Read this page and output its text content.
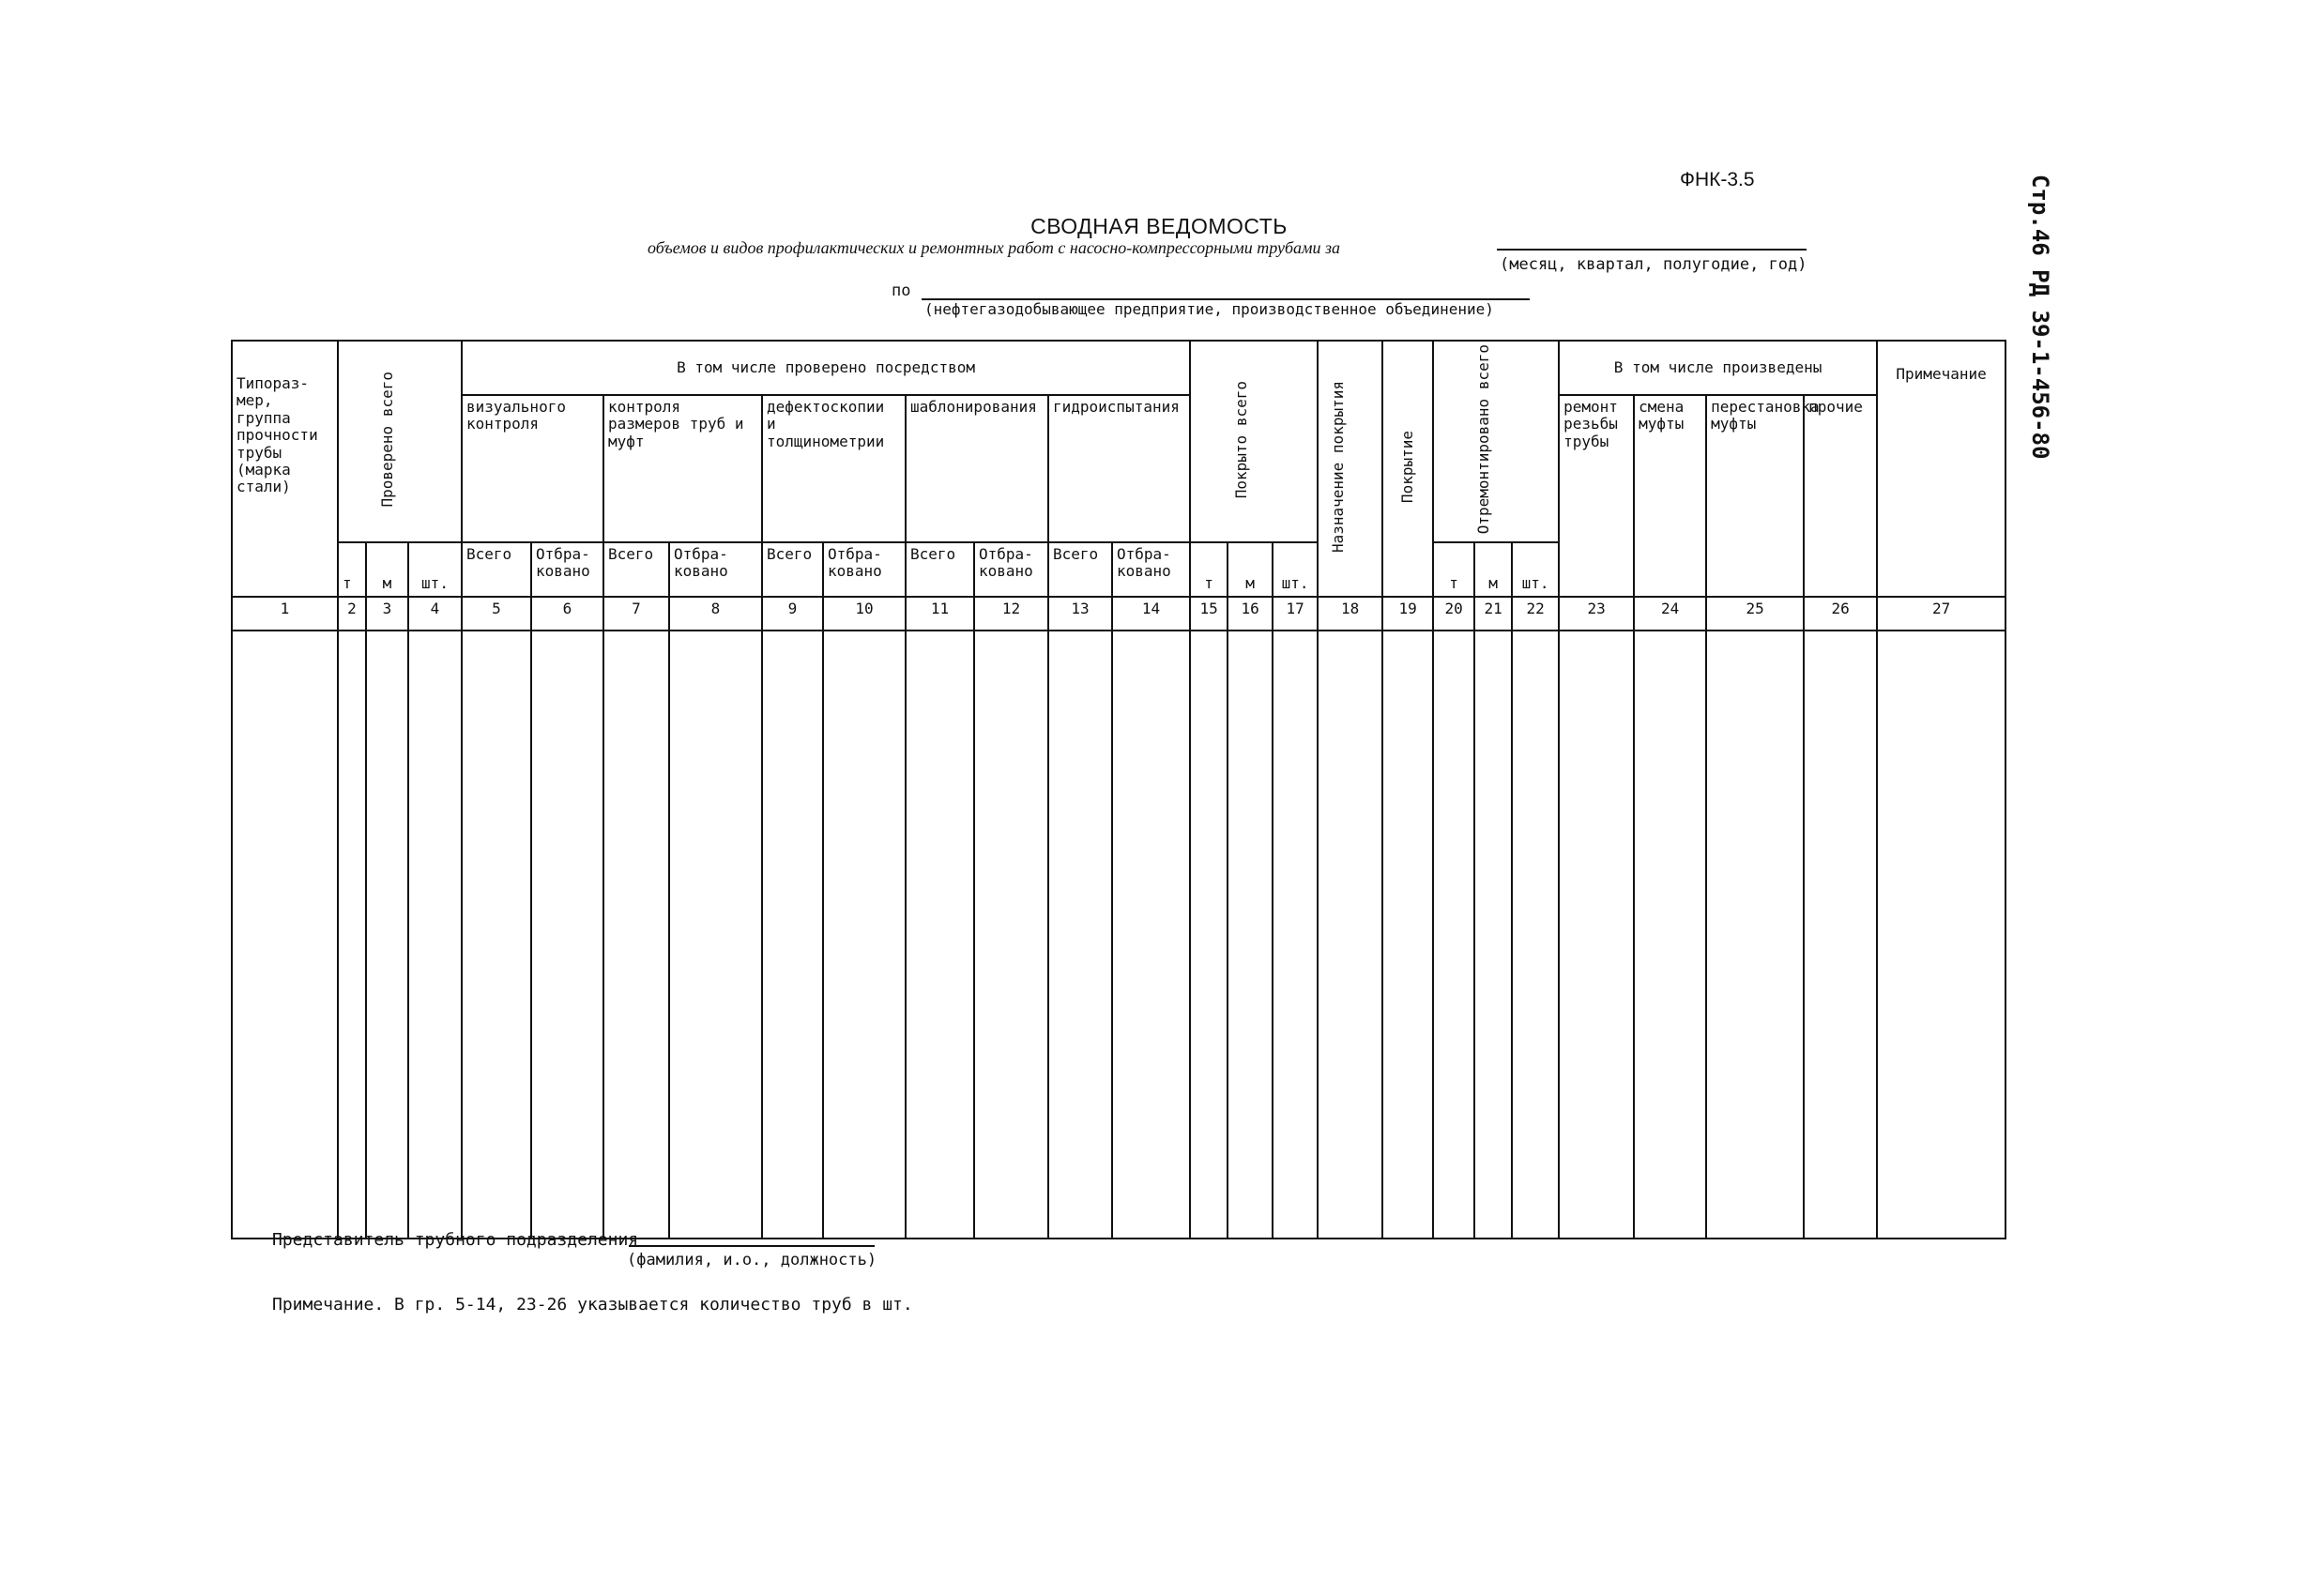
ФНК-3.5
СВОДНАЯ ВЕДОМОСТЬ
объемов и видов профилактических и ремонтных работ с насосно-компрессорными трубами за
(месяц, квартал, полугодие, год)
по
(нефтегазодобывающее предприятие, производственное объединение)	Стр.46 РД 39-1-456-80
Типораз-мер, группа прочности трубы (марка стали)	Проверено всего			В том числе проверено посредством										Покрыто всего			Назначение покрытия	Покрытие	Отремонтировано всего			В том числе произведены				Примечание
				визуального контроля		контроля размеров труб и муфт		дефектоскопии и толщинометрии		шаблонирования		гидроиспытания										ремонт резьбы трубы	смена муфты	перестановка муфты	прочие	
	т	м	шт.	Всего	Отбра-ковано	Всего	Отбра-ковано	Всего	Отбра-ковано	Всего	Отбра-ковано	Всего	Отбра-ковано	т	м	шт.			т	м	шт.					
1	2	3	4	5	6	7	8	9	10	11	12	13	14	15	16	17	18	19	20	21	22	23	24	25	26	27

Представитель трубного подразделения
(фамилия, и.о., должность)
Примечание. В гр. 5-14, 23-26 указывается количество труб в шт.
